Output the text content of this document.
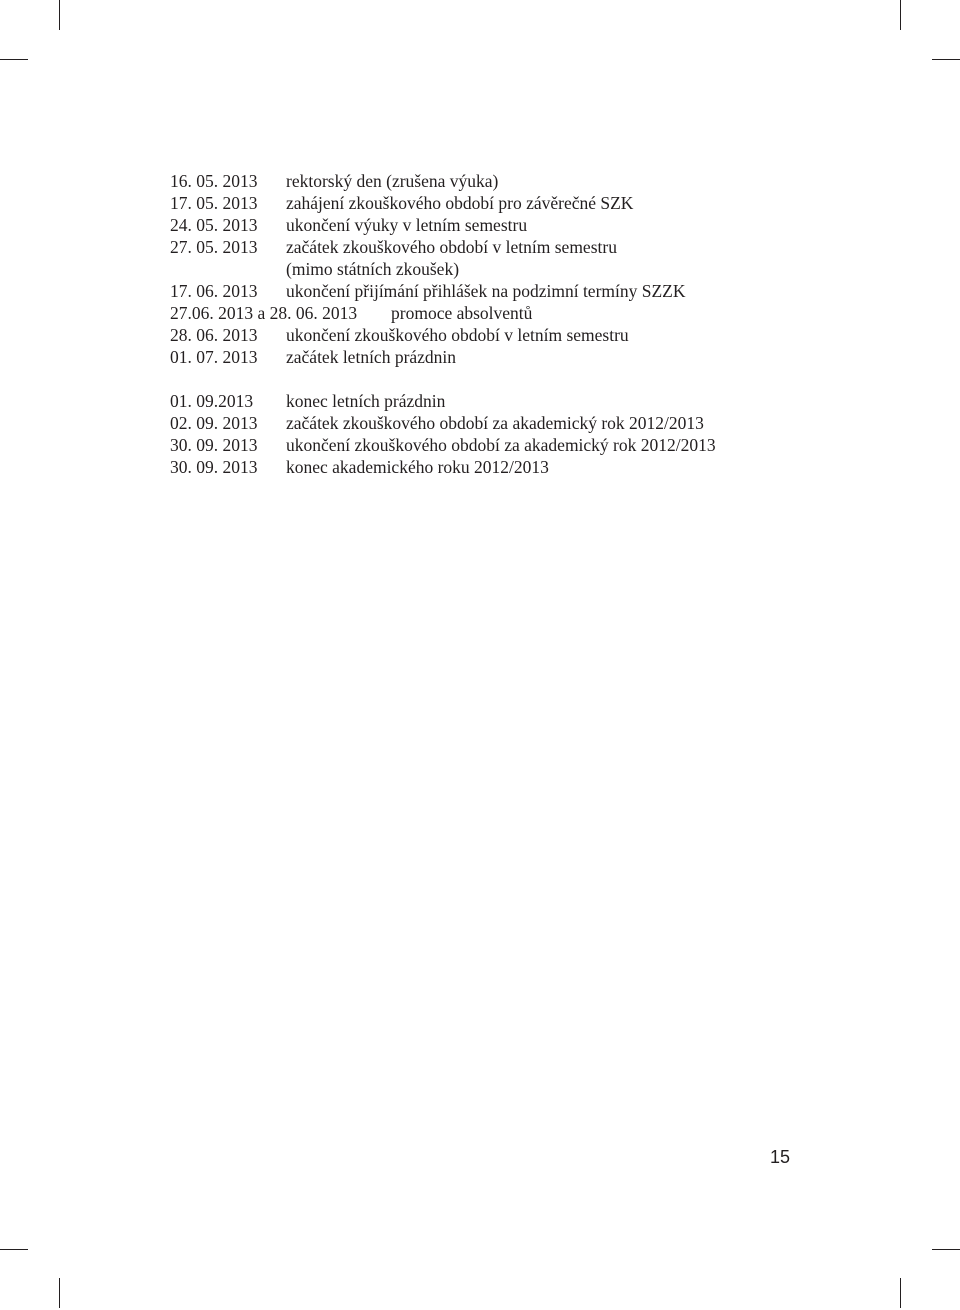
16. 05. 2013 rektorský den (zrušena výuka)
17. 05. 2013 zahájení zkouškového období pro závěrečné SZK
24. 05. 2013 ukončení výuky v letním semestru
27. 05. 2013 začátek zkouškového období v letním semestru
(mimo státních zkoušek)
17. 06. 2013 ukončení přijímání přihlášek na podzimní termíny SZZK
27.06. 2013 a 28. 06. 2013 promoce absolventů
28. 06. 2013 ukončení zkouškového období v letním semestru
01. 07. 2013 začátek letních prázdnin
01. 09.2013 konec letních prázdnin
02. 09. 2013 začátek zkouškového období za akademický rok 2012/2013
30. 09. 2013 ukončení zkouškového období za akademický rok 2012/2013
30. 09. 2013 konec akademického roku 2012/2013
15
